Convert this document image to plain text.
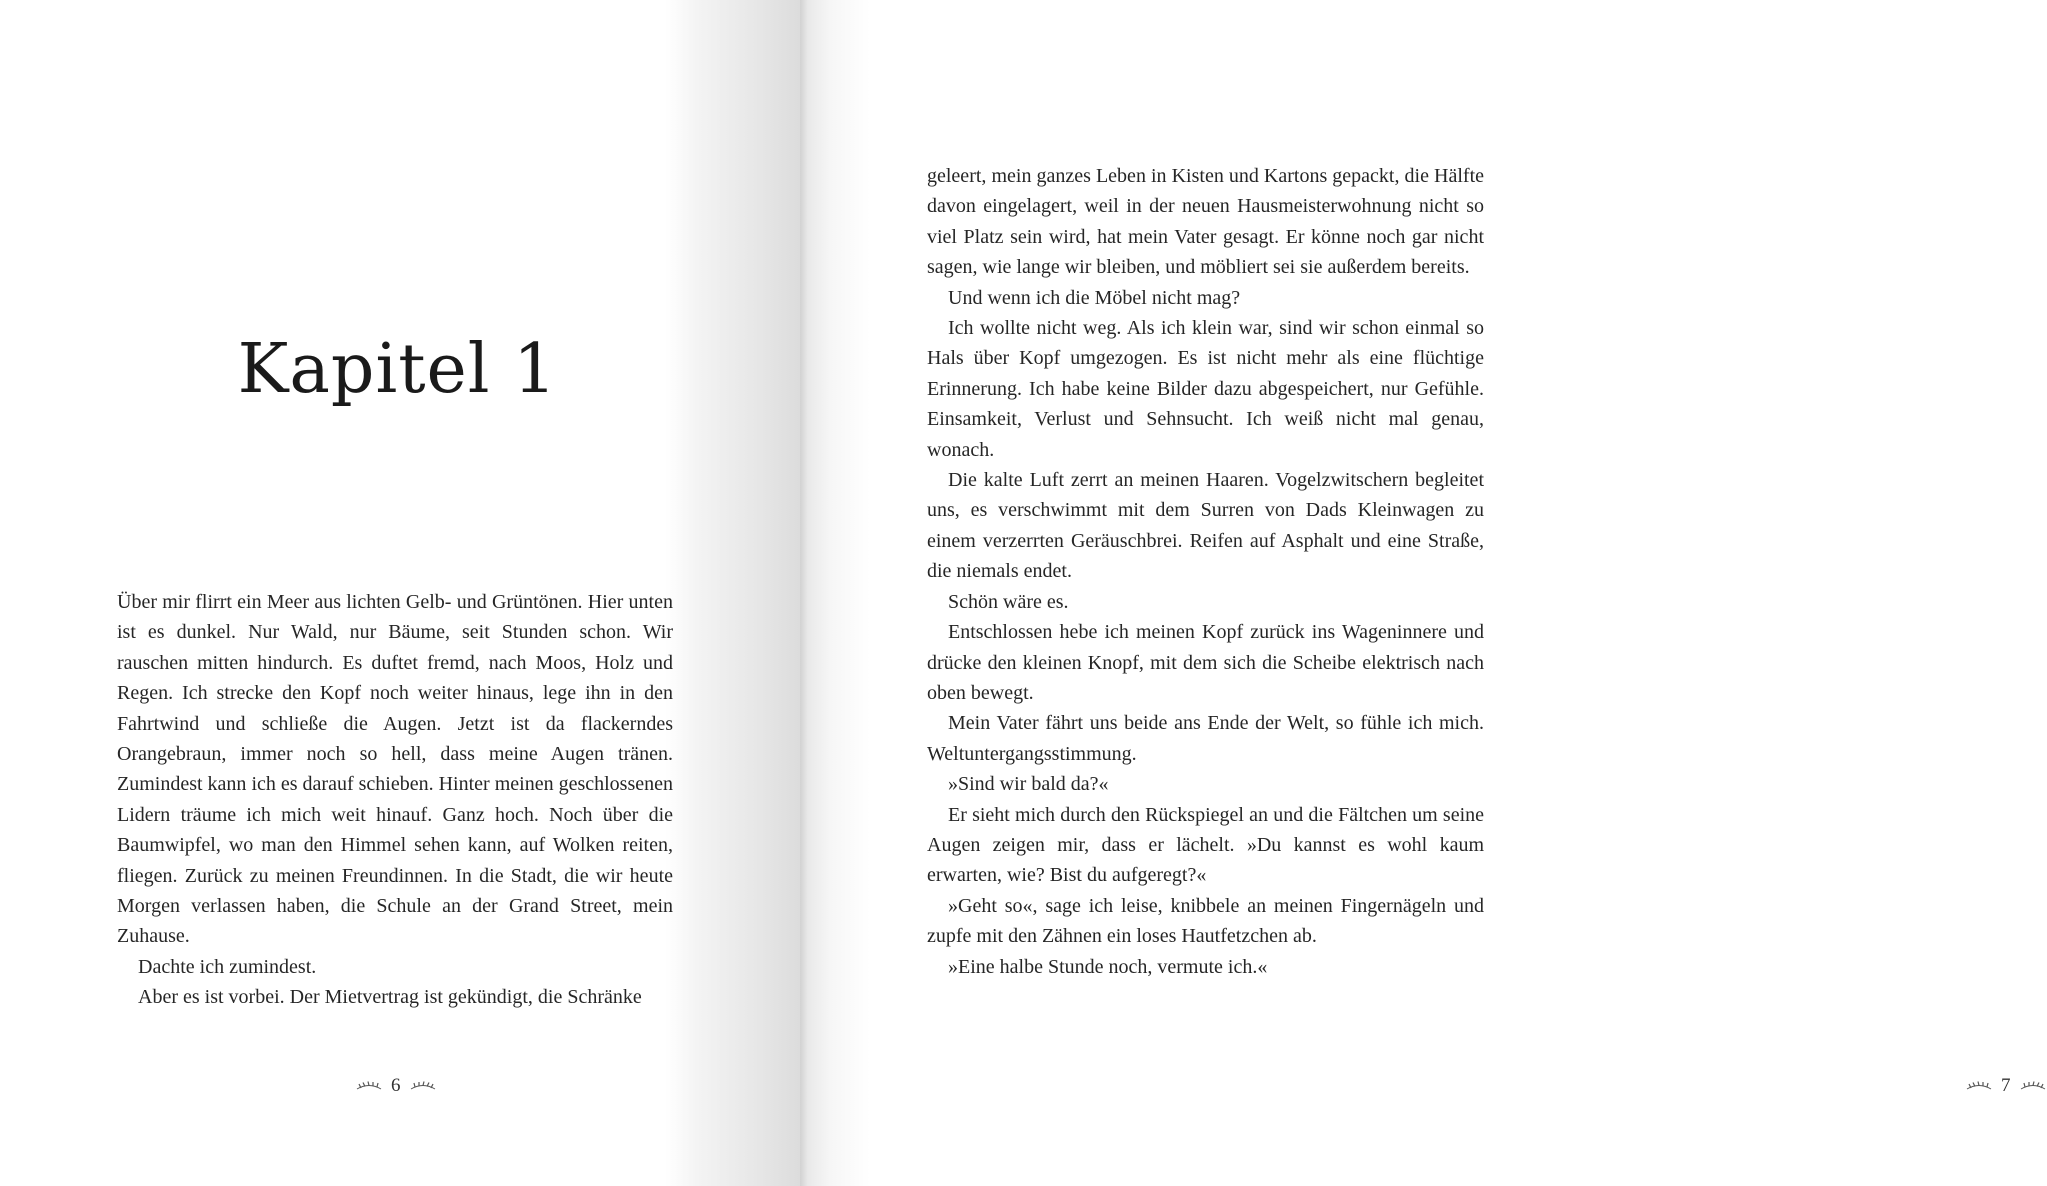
Kapitel 1

Über mir flirrt ein Meer aus lichten Gelb- und Grüntönen. Hier unten ist es dunkel. Nur Wald, nur Bäume, seit Stunden schon. Wir rauschen mitten hindurch. Es duftet fremd, nach Moos, Holz und Regen. Ich strecke den Kopf noch weiter hinaus, lege ihn in den Fahrtwind und schließe die Augen. Jetzt ist da flackerndes Orangebraun, immer noch so hell, dass meine Augen tränen. Zumindest kann ich es darauf schieben. Hinter meinen geschlossenen Lidern träume ich mich weit hinauf. Ganz hoch. Noch über die Baumwipfel, wo man den Himmel sehen kann, auf Wolken reiten, fliegen. Zurück zu meinen Freundinnen. In die Stadt, die wir heute Morgen verlassen haben, die Schule an der Grand Street, mein Zuhause.

Dachte ich zumindest.

Aber es ist vorbei. Der Mietvertrag ist gekündigt, die Schränke

6

geleert, mein ganzes Leben in Kisten und Kartons gepackt, die Hälfte davon eingelagert, weil in der neuen Hausmeisterwohnung nicht so viel Platz sein wird, hat mein Vater gesagt. Er könne noch gar nicht sagen, wie lange wir bleiben, und möbliert sei sie außerdem bereits.

Und wenn ich die Möbel nicht mag?

Ich wollte nicht weg. Als ich klein war, sind wir schon einmal so Hals über Kopf umgezogen. Es ist nicht mehr als eine flüchtige Erinnerung. Ich habe keine Bilder dazu abgespeichert, nur Gefühle. Einsamkeit, Verlust und Sehnsucht. Ich weiß nicht mal genau, wonach.

Die kalte Luft zerrt an meinen Haaren. Vogelzwitschern begleitet uns, es verschwimmt mit dem Surren von Dads Kleinwagen zu einem verzerrten Geräuschbrei. Reifen auf Asphalt und eine Straße, die niemals endet.

Schön wäre es.

Entschlossen hebe ich meinen Kopf zurück ins Wageninnere und drücke den kleinen Knopf, mit dem sich die Scheibe elektrisch nach oben bewegt.

Mein Vater fährt uns beide ans Ende der Welt, so fühle ich mich. Weltuntergangsstimmung.

»Sind wir bald da?«

Er sieht mich durch den Rückspiegel an und die Fältchen um seine Augen zeigen mir, dass er lächelt. »Du kannst es wohl kaum erwarten, wie? Bist du aufgeregt?«

»Geht so«, sage ich leise, knibbele an meinen Fingernägeln und zupfe mit den Zähnen ein loses Hautfetzchen ab.

»Eine halbe Stunde noch, vermute ich.«

7
